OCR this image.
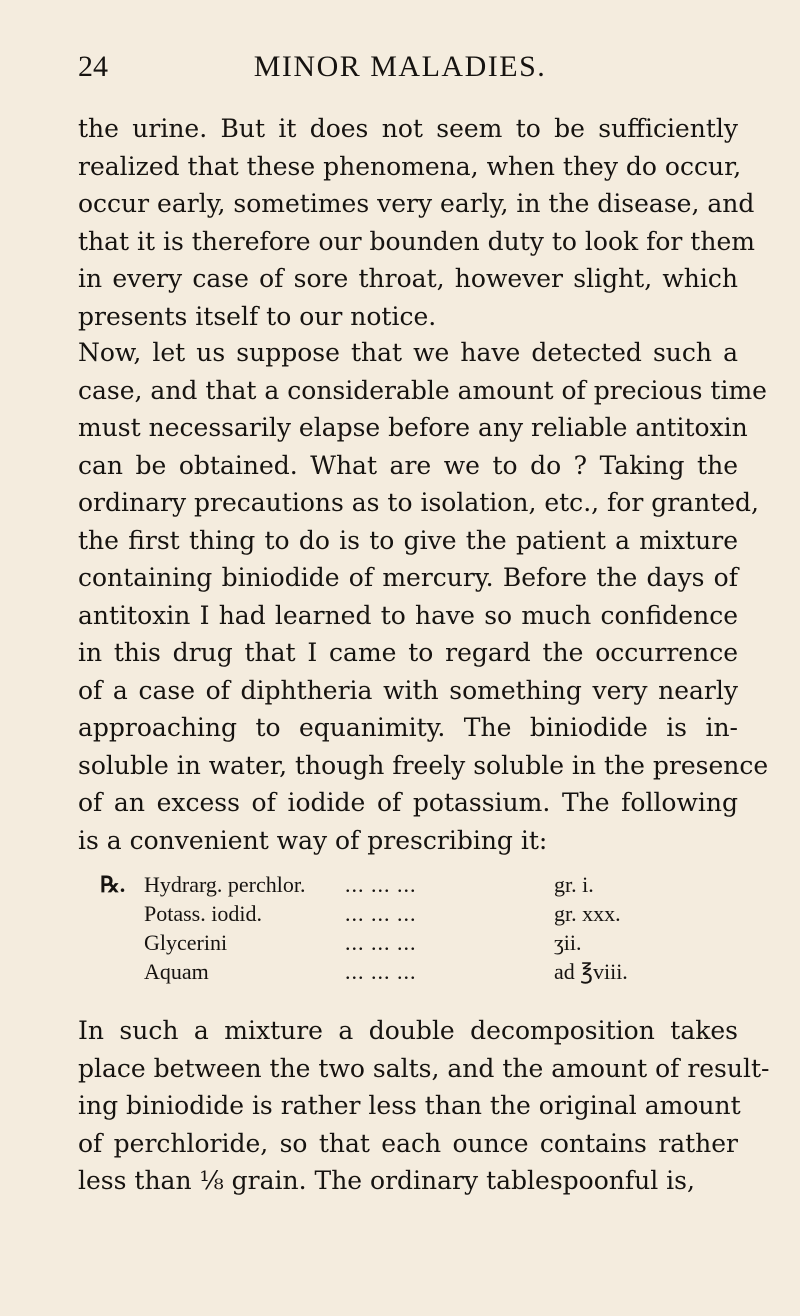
24	MINOR MALADIES.
the urine. But it does not seem to be sufficiently
realized that these phenomena, when they do occur,
occur early, sometimes very early, in the disease, and
that it is therefore our bounden duty to look for them
in every case of sore throat, however slight, which
presents itself to our notice.
Now, let us suppose that we have detected such a
case, and that a considerable amount of precious time
must necessarily elapse before any reliable antitoxin
can be obtained. What are we to do ? Taking the
ordinary precautions as to isolation, etc., for granted,
the first thing to do is to give the patient a mixture
containing biniodide of mercury. Before the days of
antitoxin I had learned to have so much confidence
in this drug that I came to regard the occurrence
of a case of diphtheria with something very nearly
approaching to equanimity. The biniodide is in-
soluble in water, though freely soluble in the presence
of an excess of iodide of potassium. The following
is a convenient way of prescribing it:
℞. Hydrarg. perchlor. ... ... ...	gr. i.
Potass. iodid.	... ... ...	gr. xxx.
Glycerini	... ... ...	ʒii.
Aquam	... ... ...	ad ℥viii.
In such a mixture a double decomposition takes
place between the two salts, and the amount of result-
ing biniodide is rather less than the original amount
of perchloride, so that each ounce contains rather
less than ⅛ grain. The ordinary tablespoonful is,
